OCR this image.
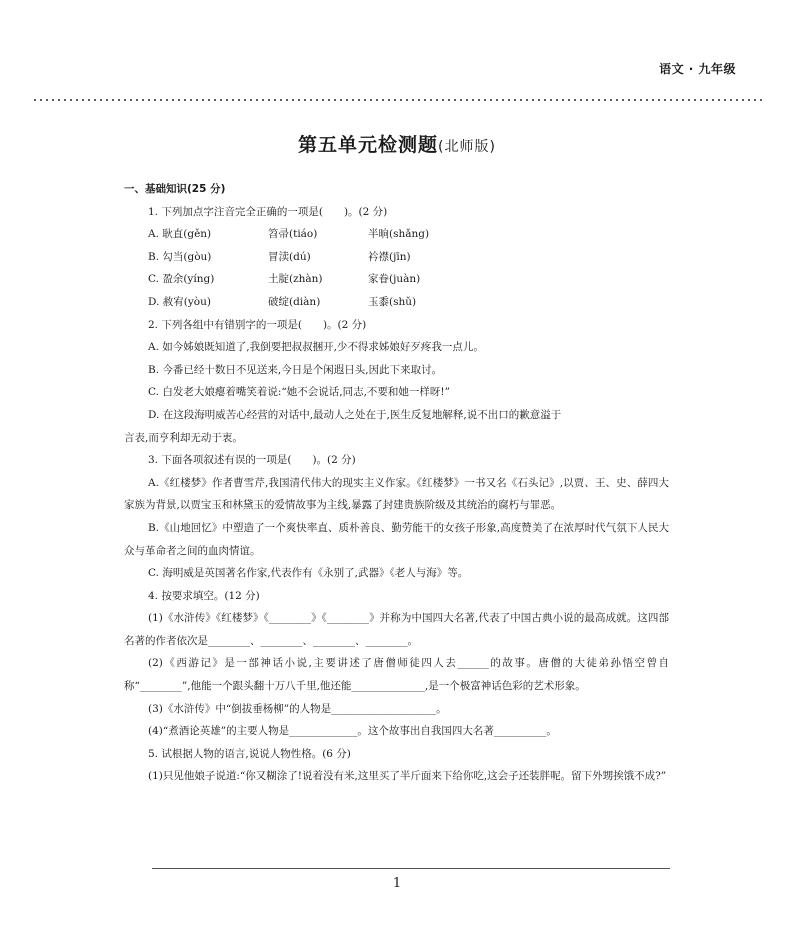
语文 · 九年级
第五单元检测题(北师版)

一、基础知识(25 分)

1. 下列加点字注音完全正确的一项是(　　)。(2 分)

A. 耿直(gěn)	笤帚(tiáo)	半晌(shǎng)
B. 勾当(gòu)	冒渎(dú)	衿襟(jīn)
C. 盈余(yíng)	土腚(zhàn)	家眷(juàn)
D. 赦宥(yòu)	破绽(diàn)	玉黍(shǔ)

2. 下列各组中有错别字的一项是(　　)。(2 分)

A. 如今姊娘既知道了,我倒要把叔叔捆开,少不得求姊娘好歹疼我一点儿。

B. 今番已经十数日不见送来,今日是个闲遐日头,因此下来取讨。

C. 白发老大娘瘪着嘴笑着说:“她不会说话,同志,不要和她一样呀!”

D. 在这段海明威苦心经营的对话中,最动人之处在于,医生反复地解释,说不出口的歉意溢于

言表,而亨利却无动于衷。

3. 下面各项叙述有误的一项是(　　)。(2 分)

A.《红楼梦》作者曹雪芹,我国清代伟大的现实主义作家。《红楼梦》一书又名《石头记》,以贾、王、史、薛四大家族为背景,以贾宝玉和林黛玉的爱情故事为主线,暴露了封建贵族阶级及其统治的腐朽与罪恶。

B.《山地回忆》中塑造了一个爽快率直、质朴善良、勤劳能干的女孩子形象,高度赞美了在浓厚时代气氛下人民大众与革命者之间的血肉情谊。

C. 海明威是英国著名作家,代表作有《永别了,武器》《老人与海》等。

4. 按要求填空。(12 分)

(1)《水浒传》《红楼梦》《________》《________》并称为中国四大名著,代表了中国古典小说的最高成就。这四部名著的作者依次是________、________、________、________。

(2)《西游记》是一部神话小说,主要讲述了唐僧师徒四人去______的故事。唐僧的大徒弟孙悟空曾自称“________”,他能一个跟头翻十万八千里,他还能______________,是一个极富神话色彩的艺术形象。

(3)《水浒传》中“倒拔垂杨柳”的人物是____________________。

(4)“煮酒论英雄”的主要人物是_____________。这个故事出自我国四大名著__________。

5. 试根据人物的语言,说说人物性格。(6 分)

(1)只见他娘子说道:“你又糊涂了!说着没有米,这里买了半斤面来下给你吃,这会子还装胖呢。留下外甥挨饿不成?”

1
